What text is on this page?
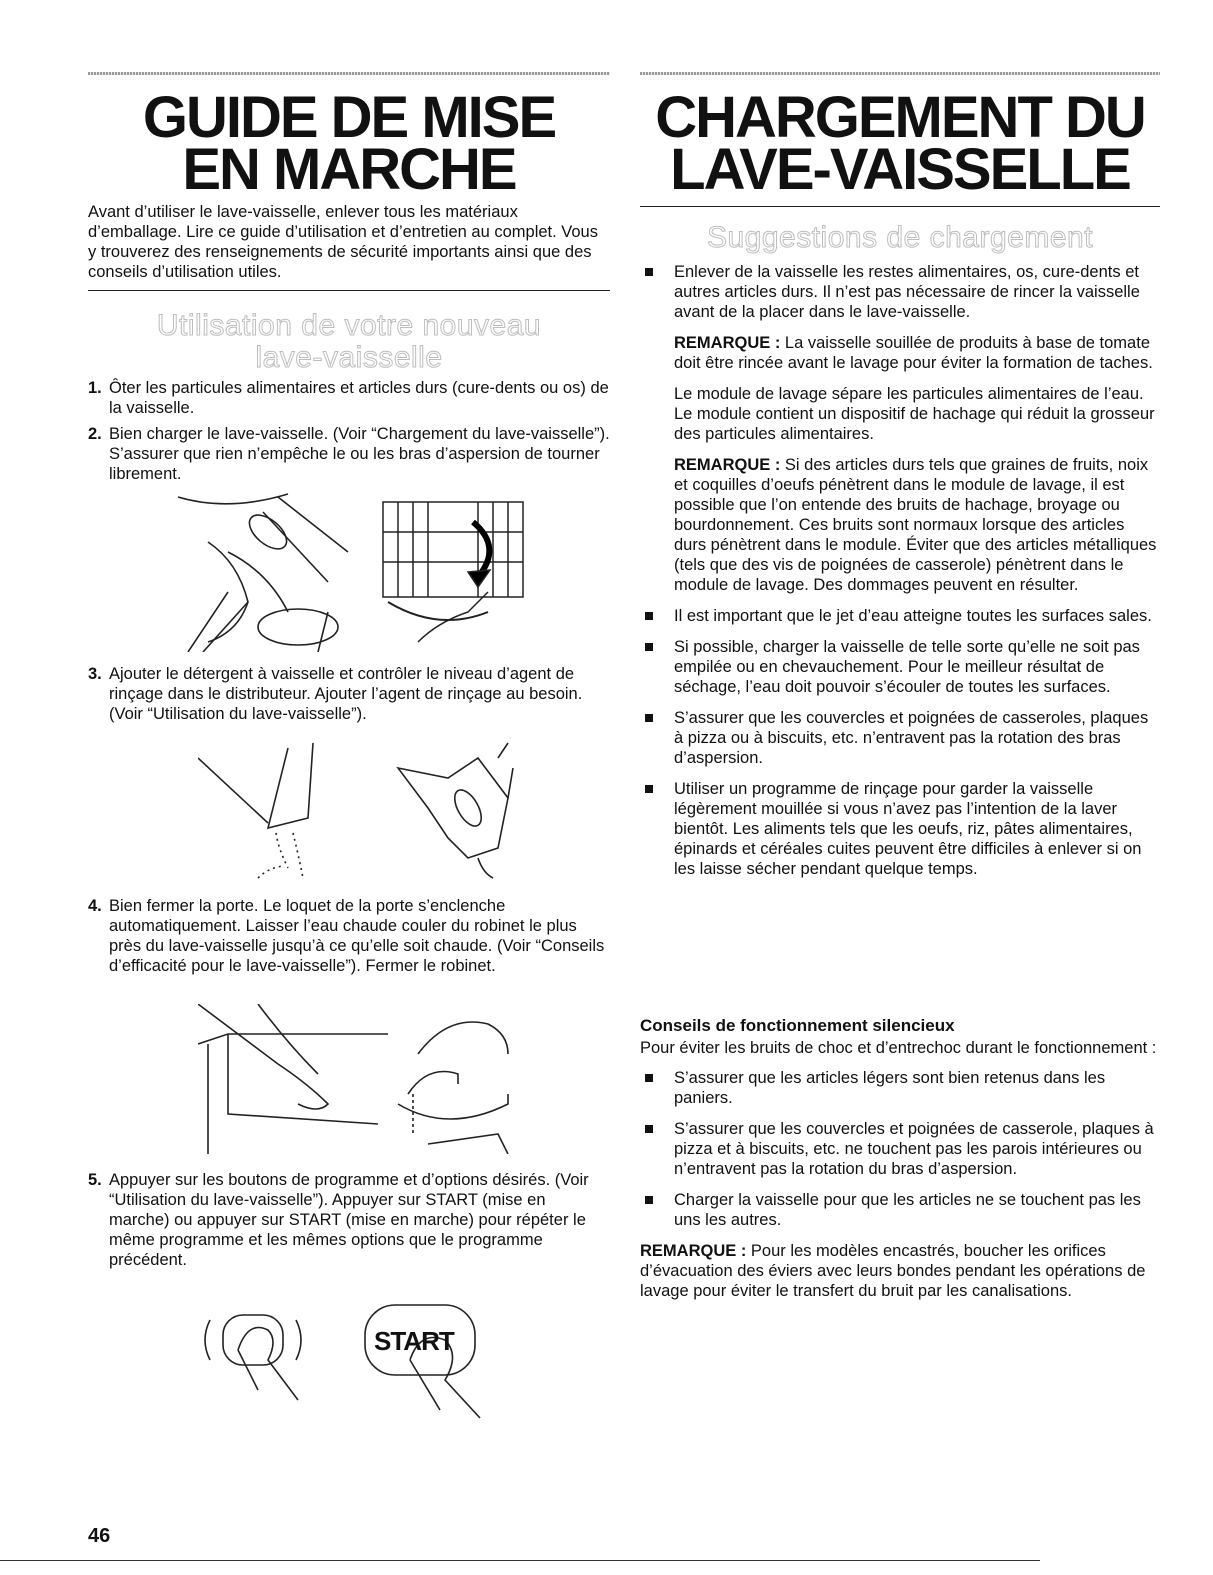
GUIDE DE MISE
EN MARCHE

Avant d’utiliser le lave-vaisselle, enlever tous les matériaux d’emballage. Lire ce guide d’utilisation et d’entretien au complet. Vous y trouverez des renseignements de sécurité importants ainsi que des conseils d’utilisation utiles.

Utilisation de votre nouveau
lave-vaisselle
1. Ôter les particules alimentaires et articles durs (cure-dents ou os) de la vaisselle.
2. Bien charger le lave-vaisselle. (Voir “Chargement du lave-vaisselle”). S’assurer que rien n’empêche le ou les bras d’aspersion de tourner librement.
3. Ajouter le détergent à vaisselle et contrôler le niveau d’agent de rinçage dans le distributeur. Ajouter l’agent de rinçage au besoin. (Voir “Utilisation du lave-vaisselle”).
4. Bien fermer la porte. Le loquet de la porte s’enclenche automatiquement. Laisser l’eau chaude couler du robinet le plus près du lave-vaisselle jusqu’à ce qu’elle soit chaude. (Voir “Conseils d’efficacité pour le lave-vaisselle”). Fermer le robinet.
5. Appuyer sur les boutons de programme et d’options désirés. (Voir “Utilisation du lave-vaisselle”). Appuyer sur START (mise en marche) ou appuyer sur START (mise en marche) pour répéter le même programme et les mêmes options que le programme précédent.
START
CHARGEMENT DU
LAVE-VAISSELLE
Suggestions de chargement
Enlever de la vaisselle les restes alimentaires, os, cure-dents et autres articles durs. Il n’est pas nécessaire de rincer la vaisselle avant de la placer dans le lave-vaisselle.
REMARQUE : La vaisselle souillée de produits à base de tomate doit être rincée avant le lavage pour éviter la formation de taches.
Le module de lavage sépare les particules alimentaires de l’eau. Le module contient un dispositif de hachage qui réduit la grosseur des particules alimentaires.
REMARQUE : Si des articles durs tels que graines de fruits, noix et coquilles d’oeufs pénètrent dans le module de lavage, il est possible que l’on entende des bruits de hachage, broyage ou bourdonnement. Ces bruits sont normaux lorsque des articles durs pénètrent dans le module. Éviter que des articles métalliques (tels que des vis de poignées de casserole) pénètrent dans le module de lavage. Des dommages peuvent en résulter.
Il est important que le jet d’eau atteigne toutes les surfaces sales.
Si possible, charger la vaisselle de telle sorte qu’elle ne soit pas empilée ou en chevauchement. Pour le meilleur résultat de séchage, l’eau doit pouvoir s’écouler de toutes les surfaces.
S’assurer que les couvercles et poignées de casseroles, plaques à pizza ou à biscuits, etc. n’entravent pas la rotation des bras d’aspersion.
Utiliser un programme de rinçage pour garder la vaisselle légèrement mouillée si vous n’avez pas l’intention de la laver bientôt. Les aliments tels que les oeufs, riz, pâtes alimentaires, épinards et céréales cuites peuvent être difficiles à enlever si on les laisse sécher pendant quelque temps.
Conseils de fonctionnement silencieux

Pour éviter les bruits de choc et d’entrechoc durant le fonctionnement :

S’assurer que les articles légers sont bien retenus dans les paniers.
S’assurer que les couvercles et poignées de casserole, plaques à pizza et à biscuits, etc. ne touchent pas les parois intérieures ou n’entravent pas la rotation du bras d’aspersion.
Charger la vaisselle pour que les articles ne se touchent pas les uns les autres.

REMARQUE : Pour les modèles encastrés, boucher les orifices d’évacuation des éviers avec leurs bondes pendant les opérations de lavage pour éviter le transfert du bruit par les canalisations.

46
